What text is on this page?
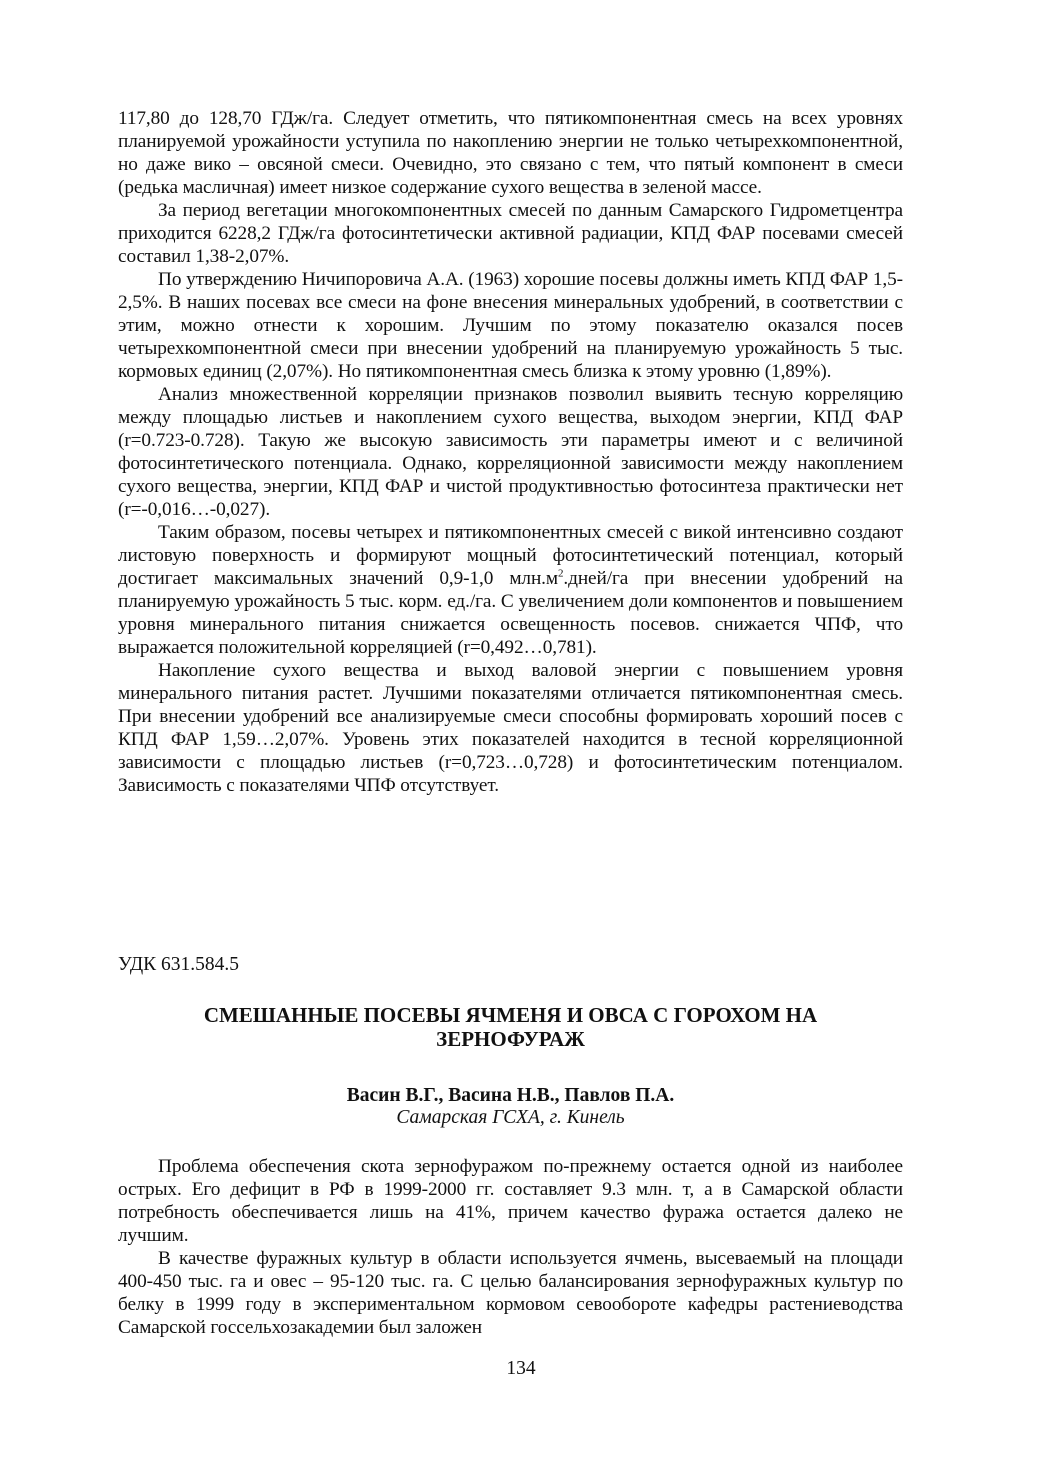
117,80 до 128,70 ГДж/га. Следует отметить, что пятикомпонентная смесь на всех уровнях планируемой урожайности уступила по накоплению энергии не только четырехкомпонентной, но даже вико – овсяной смеси. Очевидно, это связано с тем, что пятый компонент в смеси (редька масличная) имеет низкое содержание сухого вещества в зеленой массе.

За период вегетации многокомпонентных смесей по данным Самарского Гидрометцентра приходится 6228,2 ГДж/га фотосинтетически активной радиации, КПД ФАР посевами смесей составил 1,38-2,07%.

По утверждению Ничипоровича А.А. (1963) хорошие посевы должны иметь КПД ФАР 1,5-2,5%. В наших посевах все смеси на фоне внесения минеральных удобрений, в соответствии с этим, можно отнести к хорошим. Лучшим по этому показателю оказался посев четырехкомпонентной смеси при внесении удобрений на планируемую урожайность 5 тыс. кормовых единиц (2,07%). Но пятикомпонентная смесь близка к этому уровню (1,89%).

Анализ множественной корреляции признаков позволил выявить тесную корреляцию между площадью листьев и накоплением сухого вещества, выходом энергии, КПД ФАР (r=0.723-0.728). Такую же высокую зависимость эти параметры имеют и с величиной фотосинтетического потенциала. Однако, корреляционной зависимости между накоплением сухого вещества, энергии, КПД ФАР и чистой продуктивностью фотосинтеза практически нет (r=-0,016…-0,027).

Таким образом, посевы четырех и пятикомпонентных смесей с викой интенсивно создают листовую поверхность и формируют мощный фотосинтетический потенциал, который достигает максимальных значений 0,9-1,0 $млн.м^2.дней/га$ при внесении удобрений на планируемую урожайность 5 тыс. корм. ед./га. С увеличением доли компонентов и повышением уровня минерального питания снижается освещенность посевов. снижается ЧПФ, что выражается положительной корреляцией (r=0,492…0,781).

Накопление сухого вещества и выход валовой энергии с повышением уровня минерального питания растет. Лучшими показателями отличается пятикомпонентная смесь. При внесении удобрений все анализируемые смеси способны формировать хороший посев с КПД ФАР 1,59…2,07%. Уровень этих показателей находится в тесной корреляционной зависимости с площадью листьев (r=0,723…0,728) и фотосинтетическим потенциалом. Зависимость с показателями ЧПФ отсутствует.

УДК 631.584.5
СМЕШАННЫЕ ПОСЕВЫ ЯЧМЕНЯ И ОВСА С ГОРОХОМ НА
ЗЕРНОФУРАЖ
Васин В.Г., Васина Н.В., Павлов П.А.
Самарская ГСХА, г. Кинель

Проблема обеспечения скота зернофуражом по-прежнему остается одной из наиболее острых. Его дефицит в РФ в 1999-2000 гг. составляет 9.3 млн. т, а в Самарской области потребность обеспечивается лишь на 41%, причем качество фуража остается далеко не лучшим.

В качестве фуражных культур в области используется ячмень, высеваемый на площади 400-450 тыс. га и овес – 95-120 тыс. га. С целью балансирования зернофуражных культур по белку в 1999 году в экспериментальном кормовом севообороте кафедры растениеводства Самарской госсельхозакадемии был заложен

134
